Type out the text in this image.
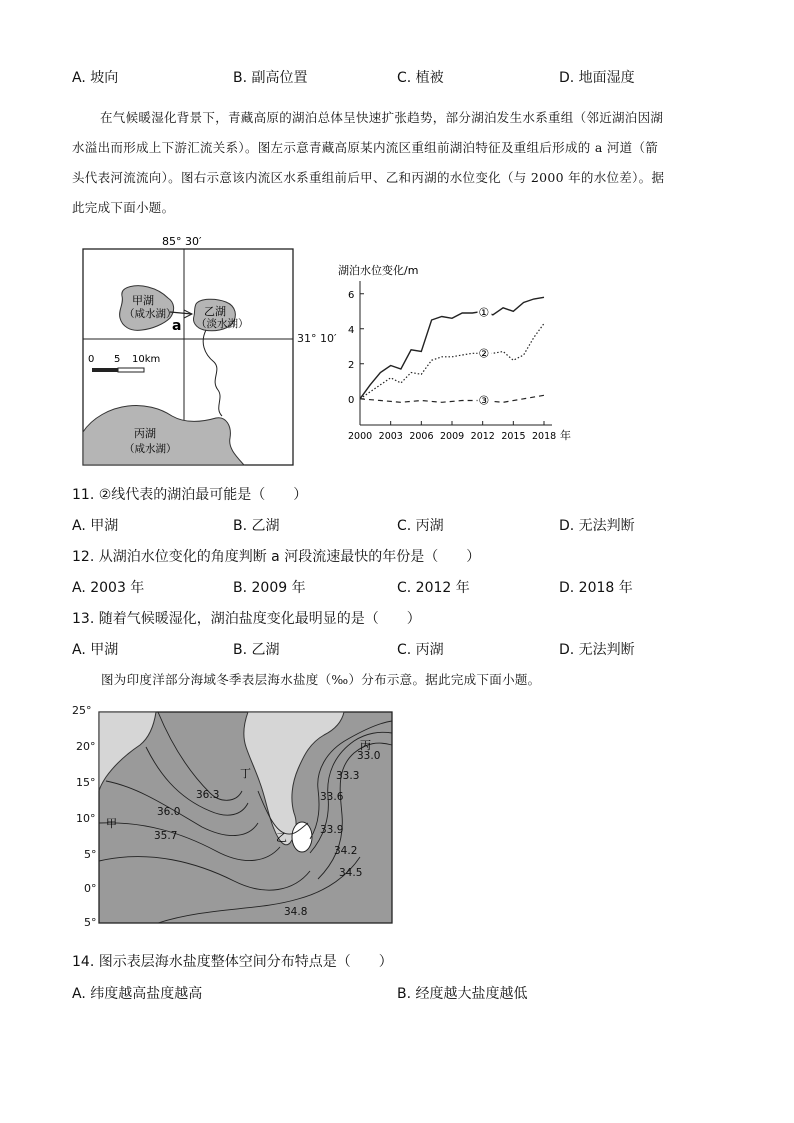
A. 坡向	B. 副高位置	C. 植被	D. 地面湿度
在气候暖湿化背景下，青藏高原的湖泊总体呈快速扩张趋势，部分湖泊发生水系重组（邻近湖泊因湖
水溢出而形成上下游汇流关系）。图左示意青藏高原某内流区重组前湖泊特征及重组后形成的 a 河道（箭
头代表河流流向）。图右示意该内流区水系重组前后甲、乙和丙湖的水位变化（与 2000 年的水位差）。据
此完成下面小题。
85° 30′
甲湖
（咸水湖）	乙湖
（淡水湖）
a
丙湖
（咸水湖）
0 5 10km
31° 10′
湖泊水位变化/m
0
2
4
6
2000 2003 2006 2009 2012 2015 2018
①
②
③
年
11. ②线代表的湖泊最可能是（　　）
A. 甲湖	B. 乙湖	C. 丙湖	D. 无法判断
12. 从湖泊水位变化的角度判断 a 河段流速最快的年份是（　　）
A. 2003 年	B. 2009 年	C. 2012 年	D. 2018 年
13. 随着气候暖湿化，湖泊盐度变化最明显的是（　　）
A. 甲湖	B. 乙湖	C. 丙湖	D. 无法判断
图为印度洋部分海域冬季表层海水盐度（‰）分布示意。据此完成下面小题。
25°
20°
15°
10°
5°
0°
5°
33.0
33.3
33.6
33.9
34.2
34.5
34.8
36.3
36.0
35.7
甲
乙
丙
丁
14. 图示表层海水盐度整体空间分布特点是（　　）
A. 纬度越高盐度越高	B. 经度越大盐度越低
